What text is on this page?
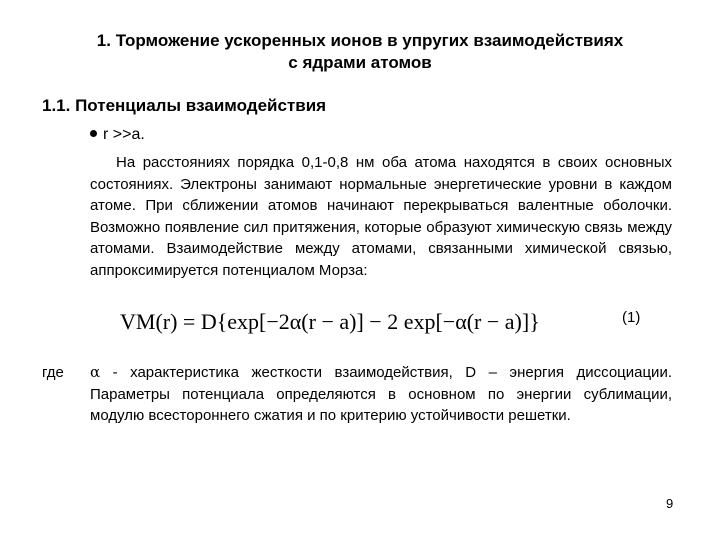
1. Торможение ускоренных ионов в упругих взаимодействиях
с ядрами атомов
1.1. Потенциалы взаимодействия
r >>a.

На расстояниях порядка 0,1-0,8 нм оба атома находятся в своих основных состояниях. Электроны занимают нормальные энергетические уровни в каждом атоме. При сближении атомов начинают перекрываться валентные оболочки. Возможно появление сил притяжения, которые образуют химическую связь между атомами. Взаимодействие между атомами, связанными химической связью, аппроксимируется потенциалом Морза:

VM(r) = D{exp[−2α(r − a)] − 2 exp[−α(r − a)]}	(1)
где α - характеристика жесткости взаимодействия, D – энергия диссоциации. Параметры потенциала определяются в основном по энергии сублимации, модулю всестороннего сжатия и по критерию устойчивости решетки.

9
